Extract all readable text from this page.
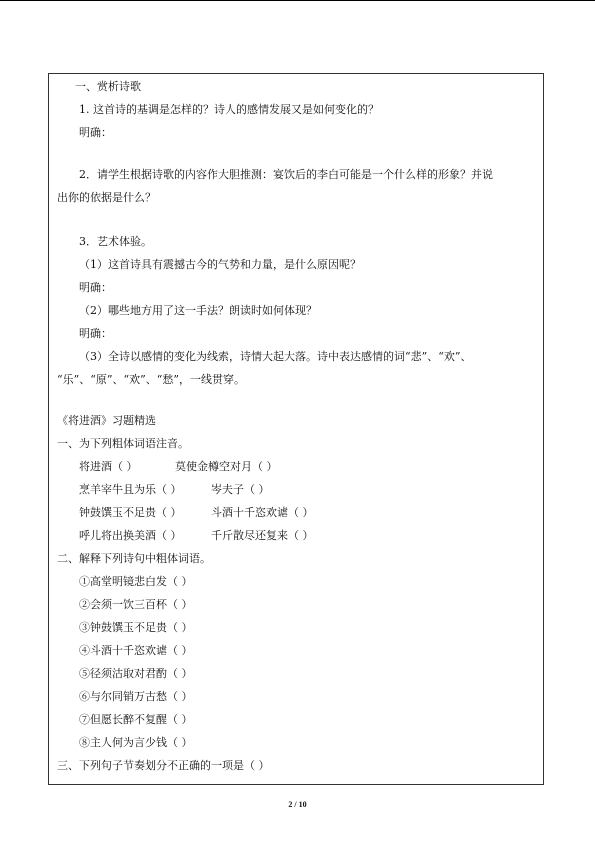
一、赏析诗歌
1. 这首诗的基调是怎样的？诗人的感情发展又是如何变化的？
明确：
2．请学生根据诗歌的内容作大胆推测：宴饮后的李白可能是一个什么样的形象？并说
出你的依据是什么？
3．艺术体验。
（1）这首诗具有震撼古今的气势和力量，是什么原因呢？
明确：
（2）哪些地方用了这一手法？朗读时如何体现？
明确：
（3）全诗以感情的变化为线索，诗情大起大落。诗中表达感情的词“悲”、“欢”、
“乐”、“原”、“欢”、“愁”，一线贯穿。
《将进酒》习题精选
一、为下列粗体词语注音。
将进酒（ ）	莫使金樽空对月（ ）
烹羊宰牛且为乐（ ）	岑夫子（ ）
钟鼓馔玉不足贵（ ）	斗酒十千恣欢谑（ ）
呼儿将出换美酒（ ）	千斤散尽还复来（ ）
二、解释下列诗句中粗体词语。
①高堂明镜悲白发（ ）
②会须一饮三百杯（ ）
③钟鼓馔玉不足贵（ ）
④斗酒十千恣欢谑（ ）
⑤径须沽取对君酌（ ）
⑥与尔同销万古愁（ ）
⑦但愿长醉不复醒（ ）
⑧主人何为言少钱（ ）
三、下列句子节奏划分不正确的一项是（ ）
2 / 10
